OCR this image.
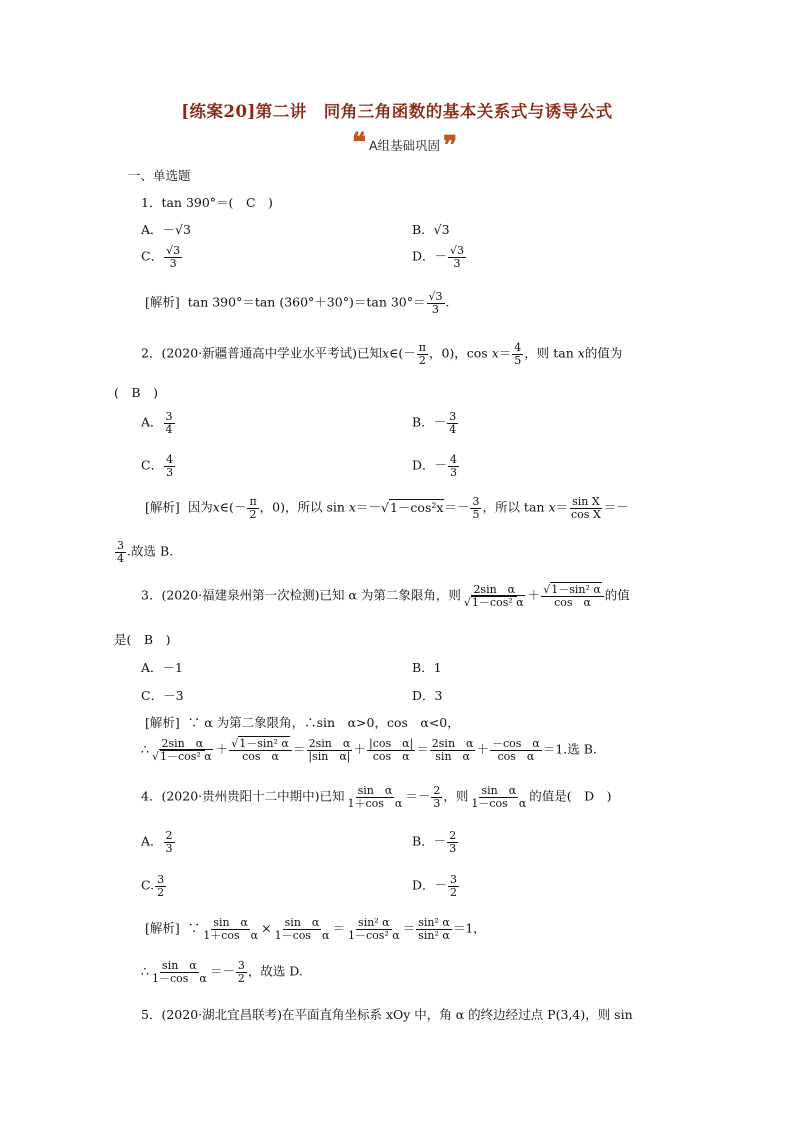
[练案20]第二讲　同角三角函数的基本关系式与诱导公式
❝ A组基础巩固 ❞
一、单选题
1．tan 390°＝(　C　)
A．－√3	B．√3
C． $\frac{√3}{3}$	D．－ $\frac{√3}{3}$
[解析] tan 390°＝tan (360°＋30°)＝tan $30^\circ= \frac{√3}{3}$ .
2．(2020·新疆普通高中学业水平考试)已知x∈(－ $\frac{\pi}{2}$ ，0)，$\cos x= \frac{4}{5}$ ，则 tan x的值为
(　B　)
A． $\frac{3}{4}$	B．－ $\frac{3}{4}$
C． $\frac{4}{3}$	D．－ $\frac{4}{3}$
[解析] 因为x∈(－ $\frac{\pi}{2}$ ，0)，所以 $\sin x=-√1-\cos^2x=- \frac{3}{5}$ ，所以 $\tan x= \frac{\text{sin X}}{\text{cos X}}$ ＝－
$\frac{3}{4}$ .故选 B.
3．(2020·福建泉州第一次检测)已知 α 为第二象限角，则 $\frac{\text{2sin　α}}{\text{√1－cos² α}} + \frac{\text{√1－sin² α}}{\text{cos　α}}$ 的值
是(　B　)
A．－1	B．1
C．－3	D．3
[解析] ∵ α 为第二象限角，∴sin　α>0，cos　α<0，
∴ $\frac{\text{2sin　α}}{\text{√1－cos² α}} + \frac{\text{√1－sin² α}}{\text{cos　α}} = \frac{\text{2sin　α}}{\text{|sin　α|}} + \frac{\text{|cos　α|}}{\text{cos　α}} = \frac{\text{2sin　α}}{\text{sin　α}} + \frac{\text{－cos　α}}{\text{cos　α}} =1$.选 B.
4．(2020·贵州贵阳十二中期中)已知 $\frac{\text{sin　α}}{\text{1＋cos　α}} =- \frac{2}{3}$ ，则 $\frac{\text{sin　α}}{\text{1－cos　α}}$ 的值是(　D　)
A． $\frac{2}{3}$	B．－ $\frac{2}{3}$
C. $\frac{3}{2}$	D．－ $\frac{3}{2}$
[解析] ∵ $\frac{\text{sin　α}}{\text{1＋cos　α}} \times \frac{\text{sin　α}}{\text{1－cos　α}} = \frac{\text{sin² α}}{\text{1－cos² α}} = \frac{\text{sin² α}}{\text{sin² α}} =1$，
∴ $\frac{\text{sin　α}}{\text{1－cos　α}} =- \frac{3}{2}$ ，故选 D.
5．(2020·湖北宜昌联考)在平面直角坐标系 xOy 中，角 α 的终边经过点 P(3,4)，则 sin
